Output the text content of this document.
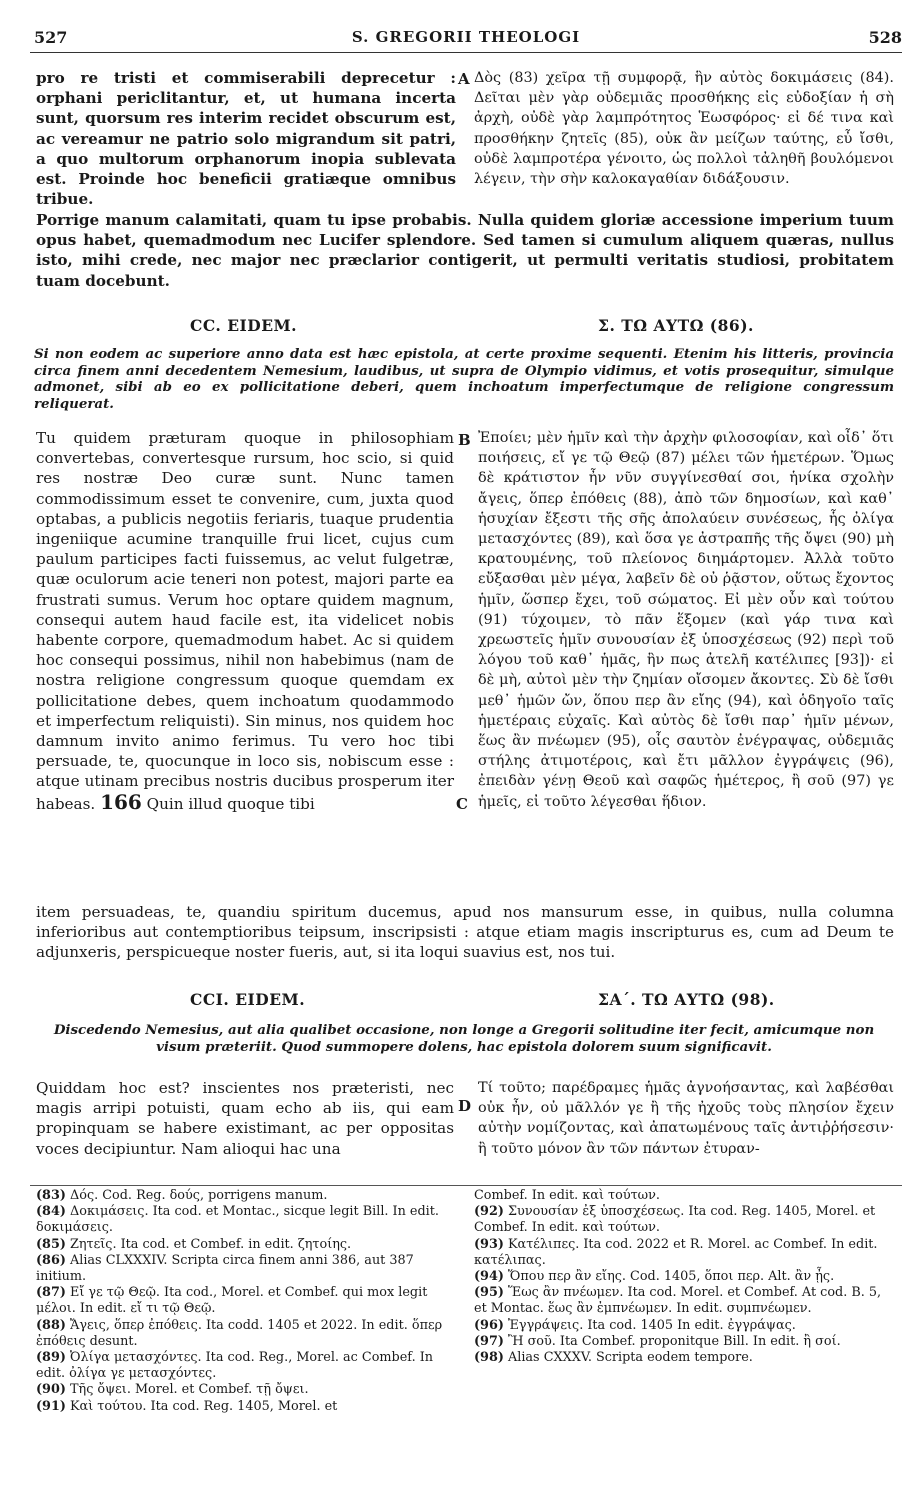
527	S. GREGORII THEOLOGI	528

pro re tristi et commiserabili deprecetur : orphani periclitantur, et, ut humana incerta sunt, quorsum res interim recidet obscurum est, ac vereamur ne patrio solo migrandum sit patri, a quo multorum orphanorum inopia sublevata est. Proinde hoc beneficii gratiæque omnibus tribue.

A Δὸς (83) χεῖρα τῇ συμφορᾷ, ἣν αὐτὸς δοκιμάσεις (84). Δεῖται μὲν γὰρ οὐδεμιᾶς προσθήκης εἰς εὐδοξίαν ἡ σὴ ἀρχὴ, οὐδὲ γὰρ λαμπρότητος Ἑωσφόρος· εἰ δέ τινα καὶ προσθήκην ζητεῖς (85), οὐκ ἂν μείζων ταύτης, εὖ ἴσθι, οὐδὲ λαμπροτέρα γένοιτο, ὡς πολλοὶ τἀληθῆ βουλόμενοι λέγειν, τὴν σὴν καλοκαγαθίαν διδάξουσιν.

Porrige manum calamitati, quam tu ipse probabis. Nulla quidem gloriæ accessione imperium tuum opus habet, quemadmodum nec Lucifer splendore. Sed tamen si cumulum aliquem quæras, nullus isto, mihi crede, nec major nec præclarior contigerit, ut permulti veritatis studiosi, probitatem tuam docebunt.

CC. EIDEM.	Σ. ΤΩ ΑΥΤΩ (86).
Si non eodem ac superiore anno data est hæc epistola, at certe proxime sequenti. Etenim his litteris, provincia circa finem anni decedentem Nemesium, laudibus, ut supra de Olympio vidimus, et votis prosequitur, simulque admonet, sibi ab eo ex pollicitatione deberi, quem inchoatum imperfectumque de religione congressum reliquerat.

Tu quidem præturam quoque in philosophiam convertebas, convertesque rursum, hoc scio, si quid res nostræ Deo curæ sunt. Nunc tamen commodissimum esset te convenire, cum, juxta quod optabas, a publicis negotiis feriaris, tuaque prudentia ingeniique acumine tranquille frui licet, cujus cum paulum participes facti fuissemus, ac velut fulgetræ, quæ oculorum acie teneri non potest, majori parte ea frustrati sumus. Verum hoc optare quidem magnum, consequi autem haud facile est, ita videlicet nobis habente corpore, quemadmodum habet. Ac si quidem hoc consequi possimus, nihil non habebimus (nam de nostra religione congressum quoque quemdam ex pollicitatione debes, quem inchoatum quodammodo et imperfectum reliquisti). Sin minus, nos quidem hoc damnum invito animo ferimus. Tu vero hoc tibi persuade, te, quocunque in loco sis, nobiscum esse : atque utinam precibus nostris ducibus prosperum iter habeas. 166 Quin illud quoque tibi

B
C

Ἐποίει; μὲν ἡμῖν καὶ τὴν ἀρχὴν φιλοσοφίαν, καὶ οἶδ᾽ ὅτι ποιήσεις, εἴ γε τῷ Θεῷ (87) μέλει τῶν ἡμετέρων. Ὅμως δὲ κράτιστον ἦν νῦν συγγίνεσθαί σοι, ἡνίκα σχολὴν ἄγεις, ὅπερ ἐπόθεις (88), ἀπὸ τῶν δημοσίων, καὶ καθ᾽ ἡσυχίαν ἔξεστι τῆς σῆς ἀπολαύειν συνέσεως, ἧς ὀλίγα μετασχόντες (89), καὶ ὅσα γε ἀστραπῆς τῆς ὄψει (90) μὴ κρατουμένης, τοῦ πλείονος διημάρτομεν. Ἀλλὰ τοῦτο εὔξασθαι μὲν μέγα, λαβεῖν δὲ οὐ ῥᾷστον, οὕτως ἔχοντος ἡμῖν, ὥσπερ ἔχει, τοῦ σώματος. Εἰ μὲν οὖν καὶ τούτου (91) τύχοιμεν, τὸ πᾶν ἕξομεν (καὶ γάρ τινα καὶ χρεωστεῖς ἡμῖν συνουσίαν ἐξ ὑποσχέσεως (92) περὶ τοῦ λόγου τοῦ καθ᾽ ἡμᾶς, ἣν πως ἀτελῆ κατέλιπες [93])· εἰ δὲ μὴ, αὐτοὶ μὲν τὴν ζημίαν οἴσομεν ἄκοντες. Σὺ δὲ ἴσθι μεθ᾽ ἡμῶν ὤν, ὅπου περ ἂν εἴης (94), καὶ ὁδηγοῖο ταῖς ἡμετέραις εὐχαῖς. Καὶ αὐτὸς δὲ ἴσθι παρ᾽ ἡμῖν μένων, ἕως ἂν πνέωμεν (95), οἷς σαυτὸν ἐνέγραψας, οὐδεμιᾶς στήλης ἀτιμοτέροις, καὶ ἔτι μᾶλλον ἐγγράψεις (96), ἐπειδὰν γένῃ Θεοῦ καὶ σαφῶς ἡμέτερος, ἢ σοῦ (97) γε ἡμεῖς, εἰ τοῦτο λέγεσθαι ἥδιον.

item persuadeas, te, quandiu spiritum ducemus, apud nos mansurum esse, in quibus, nulla columna inferioribus aut contemptioribus teipsum, inscripsisti : atque etiam magis inscripturus es, cum ad Deum te adjunxeris, perspicueque noster fueris, aut, si ita loqui suavius est, nos tui.

CCI. EIDEM.	ΣΑ΄. ΤΩ ΑΥΤΩ (98).
Discedendo Nemesius, aut alia qualibet occasione, non longe a Gregorii solitudine iter fecit, amicumque non visum præteriit. Quod summopere dolens, hac epistola dolorem suum significavit.

Quiddam hoc est? inscientes nos præteristi, nec magis arripi potuisti, quam echo ab iis, qui eam propinquam se habere existimant, ac per oppositas voces decipiuntur. Nam alioqui hac una

D

Τί τοῦτο; παρέδραμες ἡμᾶς ἀγνοήσαντας, καὶ λαβέσθαι οὐκ ἦν, οὐ μᾶλλόν γε ἢ τῆς ἠχοῦς τοὺς πλησίον ἔχειν αὐτὴν νομίζοντας, καὶ ἀπατωμένους ταῖς ἀντιῤῥήσεσιν· ἢ τοῦτο μόνον ἂν τῶν πάντων ἐτυραν-

(83) Δός. Cod. Reg. δούς, porrigens manum.

(84) Δοκιμάσεις. Ita cod. et Montac., sicque legit Bill. In edit. δοκιμάσεις.

(85) Ζητεῖς. Ita cod. et Combef. in edit. ζητοίης.

(86) Alias CLXXXIV. Scripta circa finem anni 386, aut 387 initium.

(87) Εἴ γε τῷ Θεῷ. Ita cod., Morel. et Combef. qui mox legit μέλοι. In edit. εἴ τι τῷ Θεῷ.

(88) Ἄγεις, ὅπερ ἐπόθεις. Ita codd. 1405 et 2022. In edit. ὅπερ ἐπόθεις desunt.

(89) Ὀλίγα μετασχόντες. Ita cod. Reg., Morel. ac Combef. In edit. ὀλίγα γε μετασχόντες.

(90) Τῆς ὄψει. Morel. et Combef. τῇ ὄψει.

(91) Καὶ τούτου. Ita cod. Reg. 1405, Morel. et

Combef. In edit. καὶ τούτων.

(92) Συνουσίαν ἐξ ὑποσχέσεως. Ita cod. Reg. 1405, Morel. et Combef. In edit. καὶ τούτων.

(93) Κατέλιπες. Ita cod. 2022 et R. Morel. ac Combef. In edit. κατέλιπας.

(94) Ὅπου περ ἂν εἴης. Cod. 1405, ὅποι περ. Alt. ἂν ᾖς.

(95) Ἕως ἂν πνέωμεν. Ita cod. Morel. et Combef. At cod. B. 5, et Montac. ἕως ἂν ἐμπνέωμεν. In edit. συμπνέωμεν.

(96) Ἐγγράψεις. Ita cod. 1405 In edit. ἐγγράψας.

(97) Ἢ σοῦ. Ita Combef. proponitque Bill. In edit. ἢ σοί.

(98) Alias CXXXV. Scripta eodem tempore.
